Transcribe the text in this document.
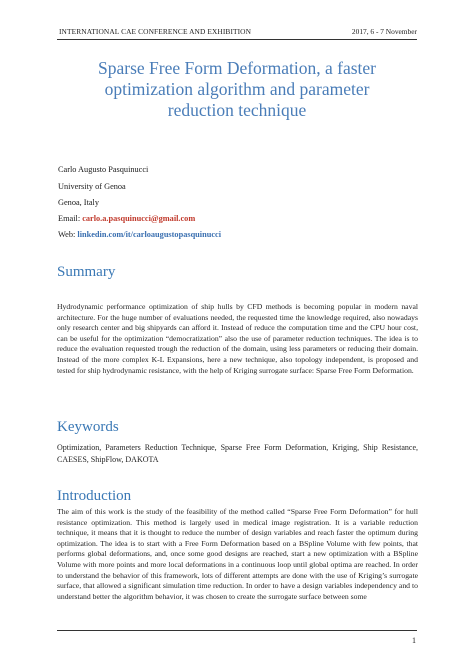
INTERNATIONAL CAE CONFERENCE AND EXHIBITION	2017, 6 - 7 November
Sparse Free Form Deformation, a faster
optimization algorithm and parameter
reduction technique
Carlo Augusto Pasquinucci
University of Genoa
Genoa, Italy
Email: carlo.a.pasquinucci@gmail.com
Web: linkedin.com/it/carloaugustopasquinucci
Summary

Hydrodynamic performance optimization of ship hulls by CFD methods is becoming popular in modern naval architecture. For the huge number of evaluations needed, the requested time the knowledge required, also nowadays only research center and big shipyards can afford it. Instead of reduce the computation time and the CPU hour cost, can be useful for the optimization “democratization” also the use of parameter reduction techniques. The idea is to reduce the evaluation requested trough the reduction of the domain, using less parameters or reducing their domain. Instead of the more complex K-L Expansions, here a new technique, also topology independent, is proposed and tested for ship hydrodynamic resistance, with the help of Kriging surrogate surface: Sparse Free Form Deformation.

Keywords

Optimization, Parameters Reduction Technique, Sparse Free Form Deformation, Kriging, Ship Resistance, CAESES, ShipFlow, DAKOTA

Introduction

The aim of this work is the study of the feasibility of the method called “Sparse Free Form Deformation” for hull resistance optimization. This method is largely used in medical image registration. It is a variable reduction technique, it means that it is thought to reduce the number of design variables and reach faster the optimum during optimization. The idea is to start with a Free Form Deformation based on a BSpline Volume with few points, that performs global deformations, and, once some good designs are reached, start a new optimization with a BSpline Volume with more points and more local deformations in a continuous loop until global optima are reached. In order to understand the behavior of this framework, lots of different attempts are done with the use of Kriging’s surrogate surface, that allowed a significant simulation time reduction. In order to have a design variables independency and to understand better the algorithm behavior, it was chosen to create the surrogate surface between some

1
